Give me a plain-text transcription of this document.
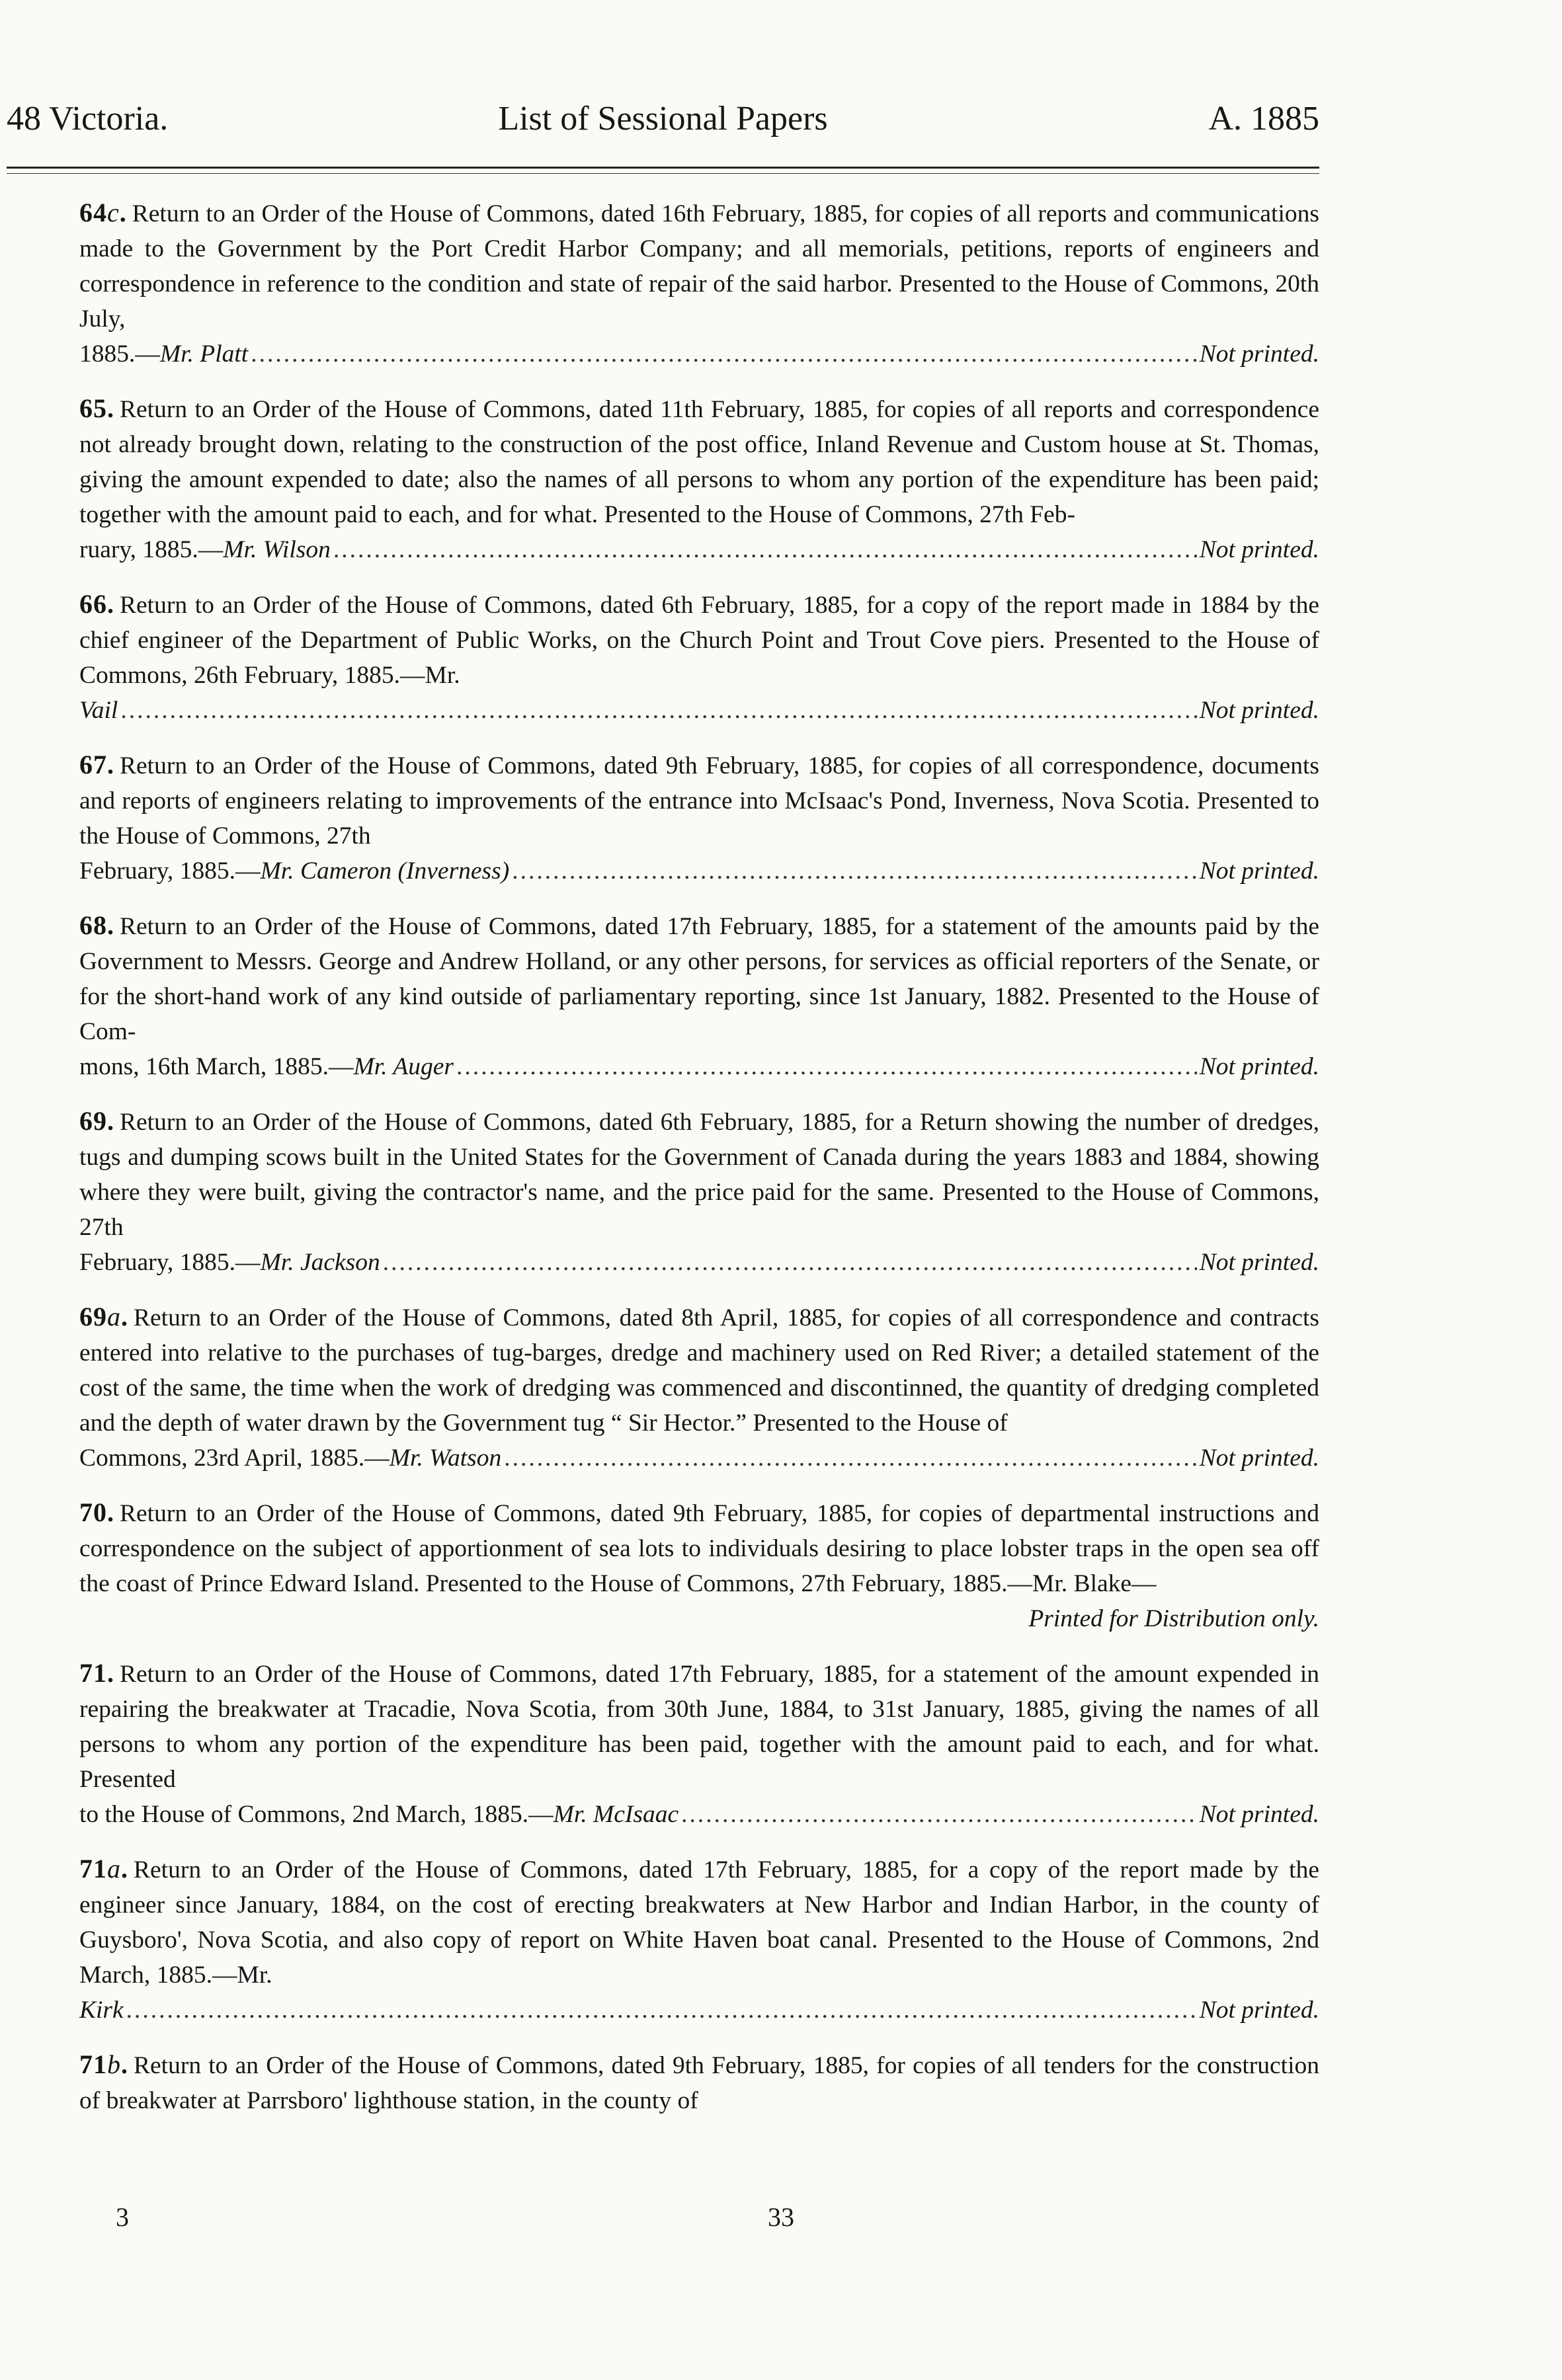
48 Victoria.	List of Sessional Papers	A. 1885
64c. Return to an Order of the House of Commons, dated 16th February, 1885, for copies of all reports and communications made to the Government by the Port Credit Harbor Company; and all memorials, petitions, reports of engineers and correspondence in reference to the condition and state of repair of the said harbor. Presented to the House of Commons, 20th July,
1885.— Mr. Platt .....	Not printed.
65. Return to an Order of the House of Commons, dated 11th February, 1885, for copies of all reports and correspondence not already brought down, relating to the construction of the post office, Inland Revenue and Custom house at St. Thomas, giving the amount expended to date; also the names of all persons to whom any portion of the expenditure has been paid; together with the amount paid to each, and for what. Presented to the House of Commons, 27th Feb-
ruary, 1885.— Mr. Wilson .....	Not printed.
66. Return to an Order of the House of Commons, dated 6th February, 1885, for a copy of the report made in 1884 by the chief engineer of the Department of Public Works, on the Church Point and Trout Cove piers. Presented to the House of Commons, 26th February, 1885.—Mr.
Vail .....	Not printed.
67. Return to an Order of the House of Commons, dated 9th February, 1885, for copies of all correspondence, documents and reports of engineers relating to improvements of the entrance into McIsaac's Pond, Inverness, Nova Scotia. Presented to the House of Commons, 27th
February, 1885.— Mr. Cameron (Inverness) .....	Not printed.
68. Return to an Order of the House of Commons, dated 17th February, 1885, for a statement of the amounts paid by the Government to Messrs. George and Andrew Holland, or any other persons, for services as official reporters of the Senate, or for the short-hand work of any kind outside of parliamentary reporting, since 1st January, 1882. Presented to the House of Com-
mons, 16th March, 1885.— Mr. Auger .....	Not printed.
69. Return to an Order of the House of Commons, dated 6th February, 1885, for a Return showing the number of dredges, tugs and dumping scows built in the United States for the Government of Canada during the years 1883 and 1884, showing where they were built, giving the contractor's name, and the price paid for the same. Presented to the House of Commons, 27th
February, 1885.— Mr. Jackson .....	Not printed.
69a. Return to an Order of the House of Commons, dated 8th April, 1885, for copies of all correspondence and contracts entered into relative to the purchases of tug-barges, dredge and machinery used on Red River; a detailed statement of the cost of the same, the time when the work of dredging was commenced and discontinned, the quantity of dredging completed and the depth of water drawn by the Government tug “ Sir Hector.” Presented to the House of
Commons, 23rd April, 1885.— Mr. Watson .....	Not printed.
70. Return to an Order of the House of Commons, dated 9th February, 1885, for copies of departmental instructions and correspondence on the subject of apportionment of sea lots to individuals desiring to place lobster traps in the open sea off the coast of Prince Edward Island. Presented to the House of Commons, 27th February, 1885.—Mr. Blake—
Printed for Distribution only.
71. Return to an Order of the House of Commons, dated 17th February, 1885, for a statement of the amount expended in repairing the breakwater at Tracadie, Nova Scotia, from 30th June, 1884, to 31st January, 1885, giving the names of all persons to whom any portion of the expenditure has been paid, together with the amount paid to each, and for what. Presented
to the House of Commons, 2nd March, 1885.— Mr. McIsaac .....	Not printed.
71a. Return to an Order of the House of Commons, dated 17th February, 1885, for a copy of the report made by the engineer since January, 1884, on the cost of erecting breakwaters at New Harbor and Indian Harbor, in the county of Guysboro', Nova Scotia, and also copy of report on White Haven boat canal. Presented to the House of Commons, 2nd March, 1885.—Mr.
Kirk .....	Not printed.
71b. Return to an Order of the House of Commons, dated 9th February, 1885, for copies of all tenders for the construction of breakwater at Parrsboro' lighthouse station, in the county of
3	33
